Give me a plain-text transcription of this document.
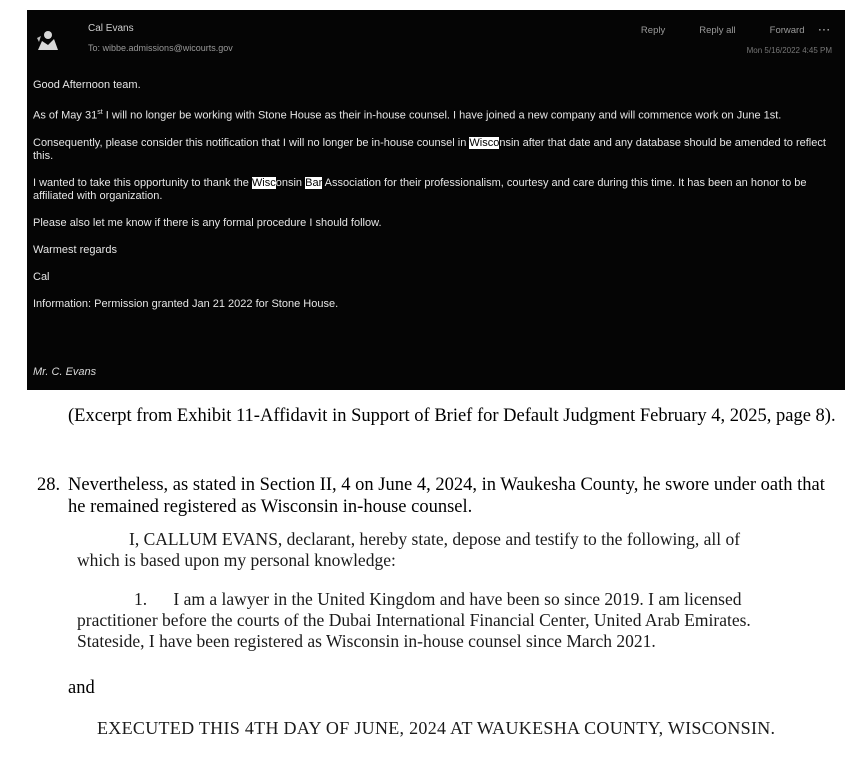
Cal Evans
To: wibbe.admissions@wicourts.gov
Reply	Reply all	Forward ···
Mon 5/16/2022 4:45 PM

Good Afternoon team.

As of May 31st I will no longer be working with Stone House as their in-house counsel. I have joined a new company and will commence work on June 1st.

Consequently, please consider this notification that I will no longer be in-house counsel in Wisconsin after that date and any database should be amended to reflect this.

I wanted to take this opportunity to thank the Wisconsin Bar Association for their professionalism, courtesy and care during this time. It has been an honor to be affiliated with organization.

Please also let me know if there is any formal procedure I should follow.

Warmest regards

Cal

Information: Permission granted Jan 21 2022 for Stone House.

Mr. C. Evans
(Excerpt from Exhibit 11-Affidavit in Support of Brief for Default Judgment February 4, 2025, page 8).
28. Nevertheless, as stated in Section II, 4 on June 4, 2024, in Waukesha County, he swore under oath that he remained registered as Wisconsin in-house counsel.

I, CALLUM EVANS, declarant, hereby state, depose and testify to the following, all of which is based upon my personal knowledge:

1. I am a lawyer in the United Kingdom and have been so since 2019. I am licensed practitioner before the courts of the Dubai International Financial Center, United Arab Emirates. Stateside, I have been registered as Wisconsin in-house counsel since March 2021.

and
EXECUTED THIS 4TH DAY OF JUNE, 2024 AT WAUKESHA COUNTY, WISCONSIN.
